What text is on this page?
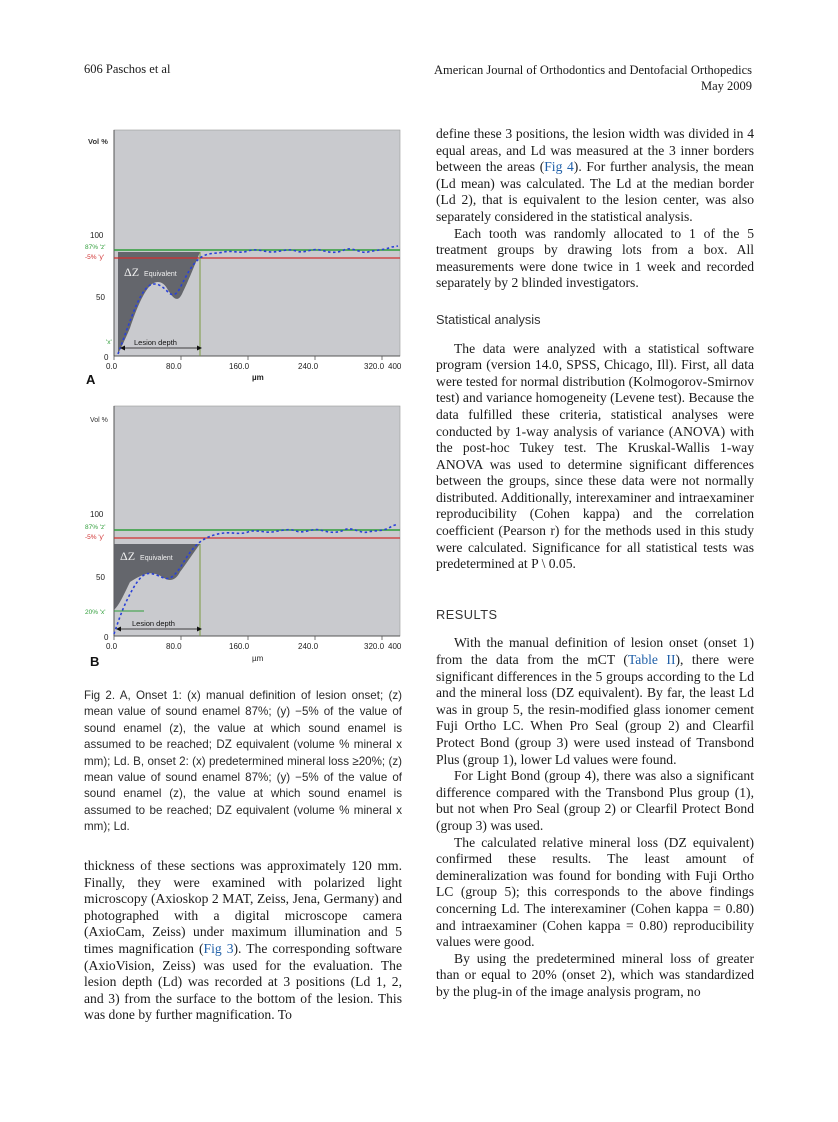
606 Paschos et al	American Journal of Orthodontics and Dentofacial Orthopedics
May 2009
Lesion depth
ΔZ Equivalent
Vol %
100
50
0
87% 'z'
-5% 'y'
'x'
0.0	80.0	160.0	240.0	320.0 400
µm
A
Lesion depth
ΔZ Equivalent
Vol %
100
50
0
87% 'z'
-5% 'y'
20% 'x'
0.0	80.0	160.0	240.0	320.0 400
µm
B
Fig 2. A, Onset 1: (x) manual definition of lesion onset; (z) mean value of sound enamel 87%; (y) −5% of the value of sound enamel (z), the value at which sound enamel is assumed to be reached; DZ equivalent (volume % mineral x mm); Ld. B, onset 2: (x) predetermined mineral loss ≥20%; (z) mean value of sound enamel 87%; (y) −5% of the value of sound enamel (z), the value at which sound enamel is assumed to be reached; DZ equivalent (volume % mineral x mm); Ld.

thickness of these sections was approximately 120 mm. Finally, they were examined with polarized light microscopy (Axioskop 2 MAT, Zeiss, Jena, Germany) and photographed with a digital microscope camera (AxioCam, Zeiss) under maximum illumination and 5 times magnification (Fig 3). The corresponding software (AxioVision, Zeiss) was used for the evaluation. The lesion depth (Ld) was recorded at 3 positions (Ld 1, 2, and 3) from the surface to the bottom of the lesion. This was done by further magnification. To

define these 3 positions, the lesion width was divided in 4 equal areas, and Ld was measured at the 3 inner borders between the areas (Fig 4). For further analysis, the mean (Ld mean) was calculated. The Ld at the median border (Ld 2), that is equivalent to the lesion center, was also separately considered in the statistical analysis.

Each tooth was randomly allocated to 1 of the 5 treatment groups by drawing lots from a box. All measurements were done twice in 1 week and recorded separately by 2 blinded investigators.

Statistical analysis

The data were analyzed with a statistical software program (version 14.0, SPSS, Chicago, Ill). First, all data were tested for normal distribution (Kolmogorov-Smirnov test) and variance homogeneity (Levene test). Because the data fulfilled these criteria, statistical analyses were conducted by 1-way analysis of variance (ANOVA) with the post-hoc Tukey test. The Kruskal-Wallis 1-way ANOVA was used to determine significant differences between the groups, since these data were not normally distributed. Additionally, interexaminer and intraexaminer reproducibility (Cohen kappa) and the correlation coefficient (Pearson r) for the methods used in this study were calculated. Significance for all statistical tests was predetermined at P \ 0.05.

RESULTS

With the manual definition of lesion onset (onset 1) from the data from the mCT (Table II), there were significant differences in the 5 groups according to the Ld and the mineral loss (DZ equivalent). By far, the least Ld was in group 5, the resin-modified glass ionomer cement Fuji Ortho LC. When Pro Seal (group 2) and Clearfil Protect Bond (group 3) were used instead of Transbond Plus (group 1), lower Ld values were found.

For Light Bond (group 4), there was also a significant difference compared with the Transbond Plus group (1), but not when Pro Seal (group 2) or Clearfil Protect Bond (group 3) was used.

The calculated relative mineral loss (DZ equivalent) confirmed these results. The least amount of demineralization was found for bonding with Fuji Ortho LC (group 5); this corresponds to the above findings concerning Ld. The interexaminer (Cohen kappa = 0.80) and intraexaminer (Cohen kappa = 0.80) reproducibility values were good.

By using the predetermined mineral loss of greater than or equal to 20% (onset 2), which was standardized by the plug-in of the image analysis program, no
